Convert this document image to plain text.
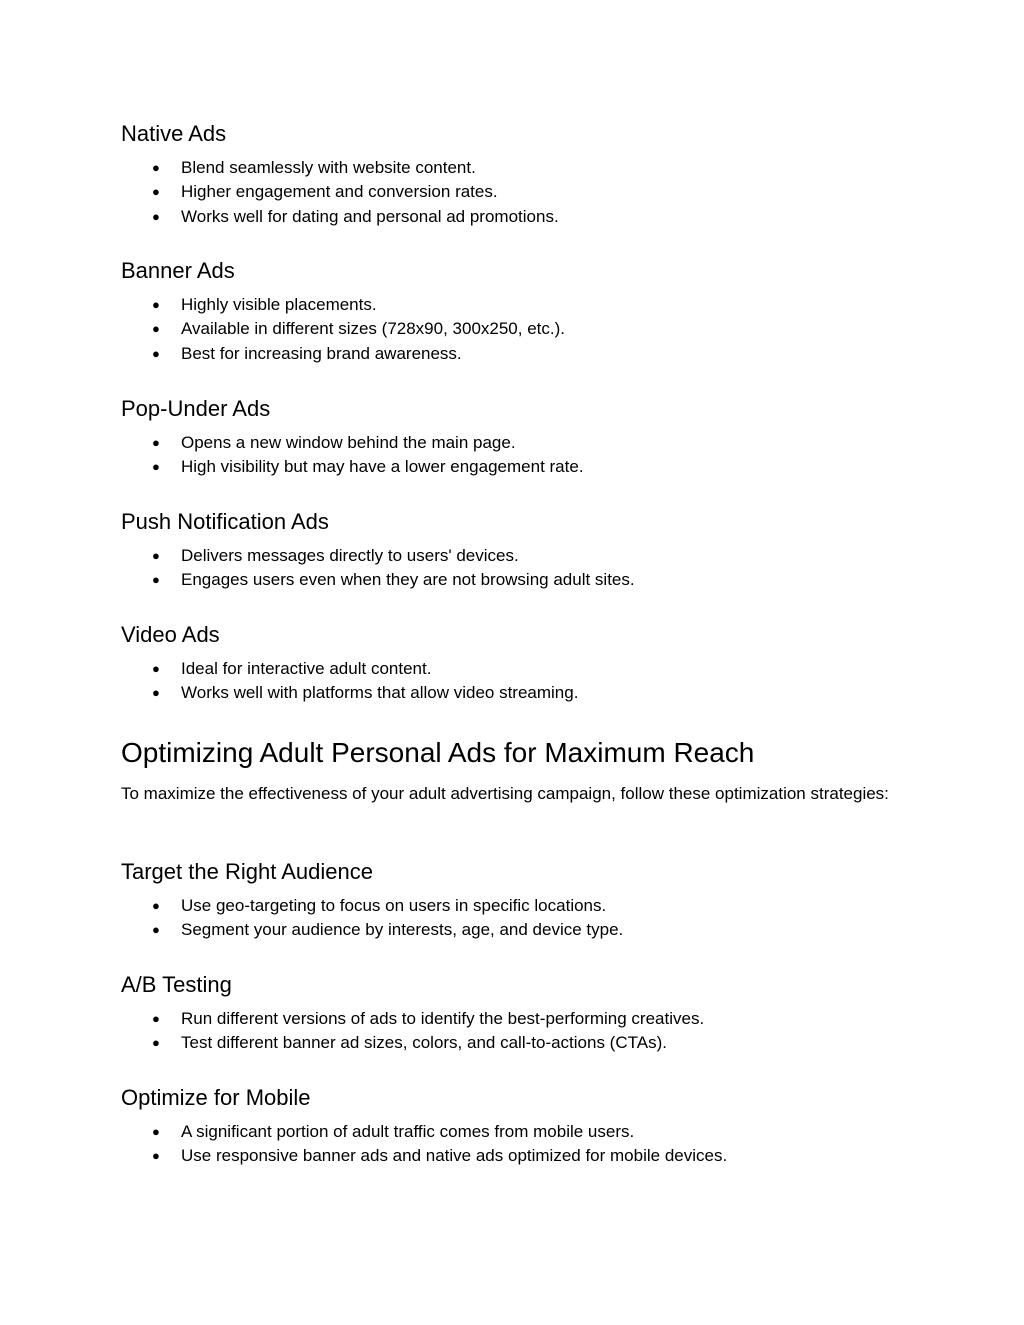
Native Ads
● Blend seamlessly with website content.
● Higher engagement and conversion rates.
● Works well for dating and personal ad promotions.
Banner Ads
● Highly visible placements.
● Available in different sizes (728x90, 300x250, etc.).
● Best for increasing brand awareness.
Pop-Under Ads
● Opens a new window behind the main page.
● High visibility but may have a lower engagement rate.
Push Notification Ads
● Delivers messages directly to users' devices.
● Engages users even when they are not browsing adult sites.
Video Ads
● Ideal for interactive adult content.
● Works well with platforms that allow video streaming.
Optimizing Adult Personal Ads for Maximum Reach

To maximize the effectiveness of your adult advertising campaign, follow these optimization strategies:

Target the Right Audience
● Use geo-targeting to focus on users in specific locations.
● Segment your audience by interests, age, and device type.
A/B Testing
● Run different versions of ads to identify the best-performing creatives.
● Test different banner ad sizes, colors, and call-to-actions (CTAs).
Optimize for Mobile
● A significant portion of adult traffic comes from mobile users.
● Use responsive banner ads and native ads optimized for mobile devices.
